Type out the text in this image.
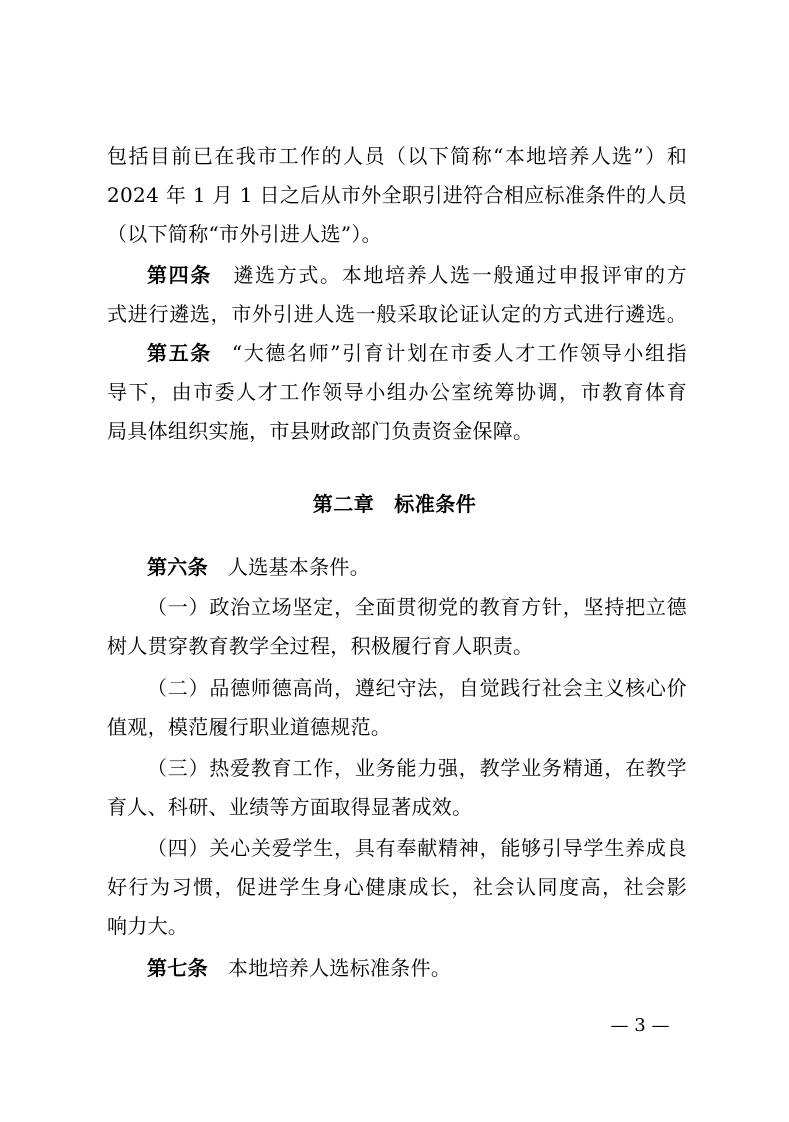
包括目前已在我市工作的人员（以下简称“本地培养人选”）和
2024 年 1 月 1 日之后从市外全职引进符合相应标准条件的人员
（以下简称“市外引进人选”）。
第四条 遴选方式。本地培养人选一般通过申报评审的方
式进行遴选，市外引进人选一般采取论证认定的方式进行遴选。
第五条 “大德名师”引育计划在市委人才工作领导小组指
导下，由市委人才工作领导小组办公室统筹协调，市教育体育
局具体组织实施，市县财政部门负责资金保障。
第二章 标准条件
第六条 人选基本条件。
（一）政治立场坚定，全面贯彻党的教育方针，坚持把立德
树人贯穿教育教学全过程，积极履行育人职责。
（二）品德师德高尚，遵纪守法，自觉践行社会主义核心价
值观，模范履行职业道德规范。
（三）热爱教育工作，业务能力强，教学业务精通，在教学
育人、科研、业绩等方面取得显著成效。
（四）关心关爱学生，具有奉献精神，能够引导学生养成良
好行为习惯，促进学生身心健康成长，社会认同度高，社会影
响力大。
第七条 本地培养人选标准条件。
— 3 —
